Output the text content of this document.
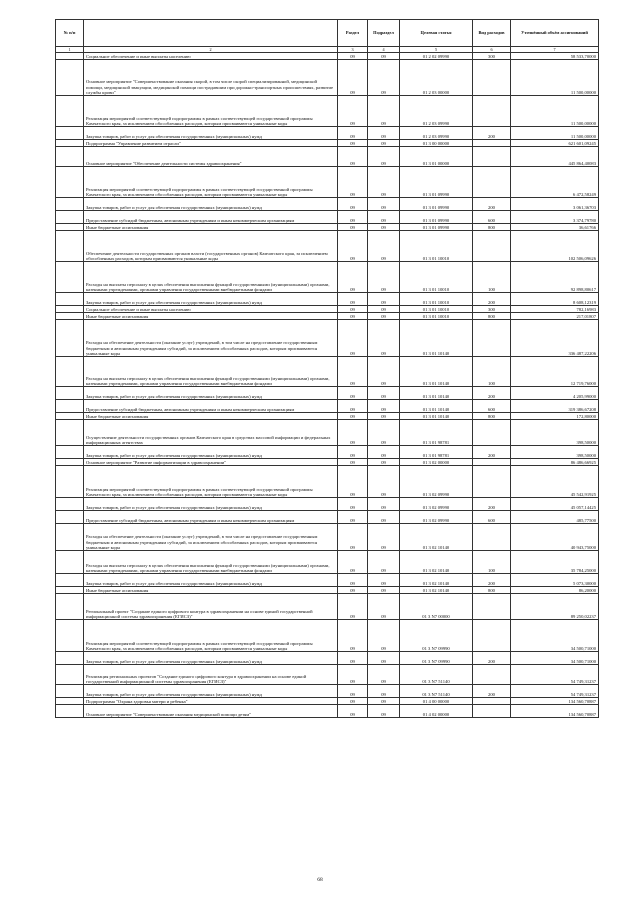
№ п/п		Раздел	Подраздел	Целевая статья	Вид расходов	Уточнённый объём ассигнований
1	2	3	4	5	6	7
	Социальное обеспечение и иные выплаты населению	09	09	01 2 02 09990	300	58 533,70000
	Основное мероприятие "Совершенствование оказания скорой, в том числе скорой специализированной, медицинской помощи, медицинской эвакуации, медицинской помощи пострадавшим при дорожно-транспортных происшествиях, развитие службы крови"	09	09	01 2 03 00000		11 500,00000
	Реализация мероприятий соответствующей подпрограммы в рамках соответствующей государственной программы Камчатского края, за исключением обособленных расходов, которым присваиваются уникальные коды	09	09	01 2 03 09990		11 500,00000
	Закупка товаров, работ и услуг для обеспечения государственных (муниципальных) нужд	09	09	01 2 03 09990	200	11 500,00000
	Подпрограмма "Управление развитием отрасли"	09	09	01 3 00 00000		621 601,09245
	Основное мероприятие "Обеспечение деятельности системы здравоохранения"	09	09	01 3 01 00000		445 864,40083
	Реализация мероприятий соответствующей подпрограммы в рамках соответствующей государственной программы Камчатского края, за исключением обособленных расходов, которым присваиваются уникальные коды	09	09	01 3 01 09990		6 472,58249
	Закупка товаров, работ и услуг для обеспечения государственных (муниципальных) нужд	09	09	01 3 01 09990	200	3 061,36703
	Предоставление субсидий бюджетным, автономным учреждениям и иным некоммерческим организациям	09	09	01 3 01 09990	600	3 374,79780
	Иные бюджетные ассигнования	09	09	01 3 01 09990	800	36,61766
	Обеспечение деятельности государственных органов власти (государственных органов) Камчатского края, за исключением обособленных расходов, которым присваиваются уникальные коды	09	09	01 3 01 10010		102 506,09626
	Расходы на выплаты персоналу в целях обеспечения выполнения функций государственными (муниципальными) органами, казенными учреждениями, органами управления государственными внебюджетными фондами	09	09	01 3 01 10010	100	92 898,80617
	Закупка товаров, работ и услуг для обеспечения государственных (муниципальных) нужд	09	09	01 3 01 10010	200	8 608,12319
	Социальное обеспечение и иные выплаты населению	09	09	01 3 01 10010	300	782,16983
	Иные бюджетные ассигнования	09	09	01 3 01 10010	800	217,01807
	Расходы на обеспечение деятельности (оказание услуг) учреждений, в том числе на предоставление государственным бюджетным и автономным учреждениям субсидий, за исключением обособленных расходов, которым присваиваются уникальные коды	09	09	01 3 01 10140		336 487,22206
	Расходы на выплаты персоналу в целях обеспечения выполнения функций государственными (муниципальными) органами, казенными учреждениями, органами управления государственными внебюджетными фондами	09	09	01 3 01 10140	100	12 719,76000
	Закупка товаров, работ и услуг для обеспечения государственных (муниципальных) нужд	09	09	01 3 01 10140	200	4 205,99000
	Предоставление субсидий бюджетным, автономным учреждениям и иным некоммерческим организациям	09	09	01 3 01 10140	600	319 386,67208
	Иные бюджетные ассигнования	09	09	01 3 01 10140	800	172,80000
	Осуществление деятельности государственных органов Камчатского края в средствах массовой информации и федеральных информационных агентствах	09	09	01 3 01 98781		398,50000
	Закупка товаров, работ и услуг для обеспечения государственных (муниципальных) нужд	09	09	01 3 01 98781	200	398,50000
	Основное мероприятие "Развитие информатизации в здравоохранении"	09	09	01 3 02 00000		86 486,66925
	Реализация мероприятий соответствующей подпрограммы в рамках соответствующей государственной программы Камчатского края, за исключением обособленных расходов, которым присваиваются уникальные коды	09	09	01 3 02 09990		45 542,91925
	Закупка товаров, работ и услуг для обеспечения государственных (муниципальных) нужд	09	09	01 3 02 09990	200	45 057,14425
	Предоставление субсидий бюджетным, автономным учреждениям и иным некоммерческим организациям	09	09	01 3 02 09990	600	485,77500
	Расходы на обеспечение деятельности (оказание услуг) учреждений, в том числе на предоставление государственным бюджетным и автономным учреждениям субсидий, за исключением обособленных расходов, которым присваиваются уникальные коды	09	09	01 3 02 10140		40 943,75000
	Расходы на выплаты персоналу в целях обеспечения выполнения функций государственными (муниципальными) органами, казенными учреждениями, органами управления государственными внебюджетными фондами	09	09	01 3 02 10140	100	35 784,25000
	Закупка товаров, работ и услуг для обеспечения государственных (муниципальных) нужд	09	09	01 3 02 10140	200	5 073,30000
	Иные бюджетные ассигнования	09	09	01 3 02 10140	800	86,20000
	Региональный проект "Создание единого цифрового контура в здравоохранении на основе единой государственной информационной системы здравоохранения (ЕГИСЗ)"	09	09	01 3 N7 00000		89 250,02237
	Реализация мероприятий соответствующей подпрограммы в рамках соответствующей государственной программы Камчатского края, за исключением обособленных расходов, которым присваиваются уникальные коды	09	09	01 3 N7 09990		34 500,71000
	Закупка товаров, работ и услуг для обеспечения государственных (муниципальных) нужд	09	09	01 3 N7 09990	200	34 500,71000
	Реализация региональных проектов "Создание единого цифрового контура в здравоохранении на основе единой государственной информационной системы здравоохранения (ЕГИСЗ)"	09	09	01 3 N7 51140		54 749,31237
	Закупка товаров, работ и услуг для обеспечения государственных (муниципальных) нужд	09	09	01 3 N7 51140	200	54 749,31237
	Подпрограмма "Охрана здоровья матери и ребенка"	09	09	01 4 00 00000		134 560,70887
	Основное мероприятие "Совершенствование оказания медицинской помощи детям"	09	09	01 4 02 00000		134 560,70887
68
